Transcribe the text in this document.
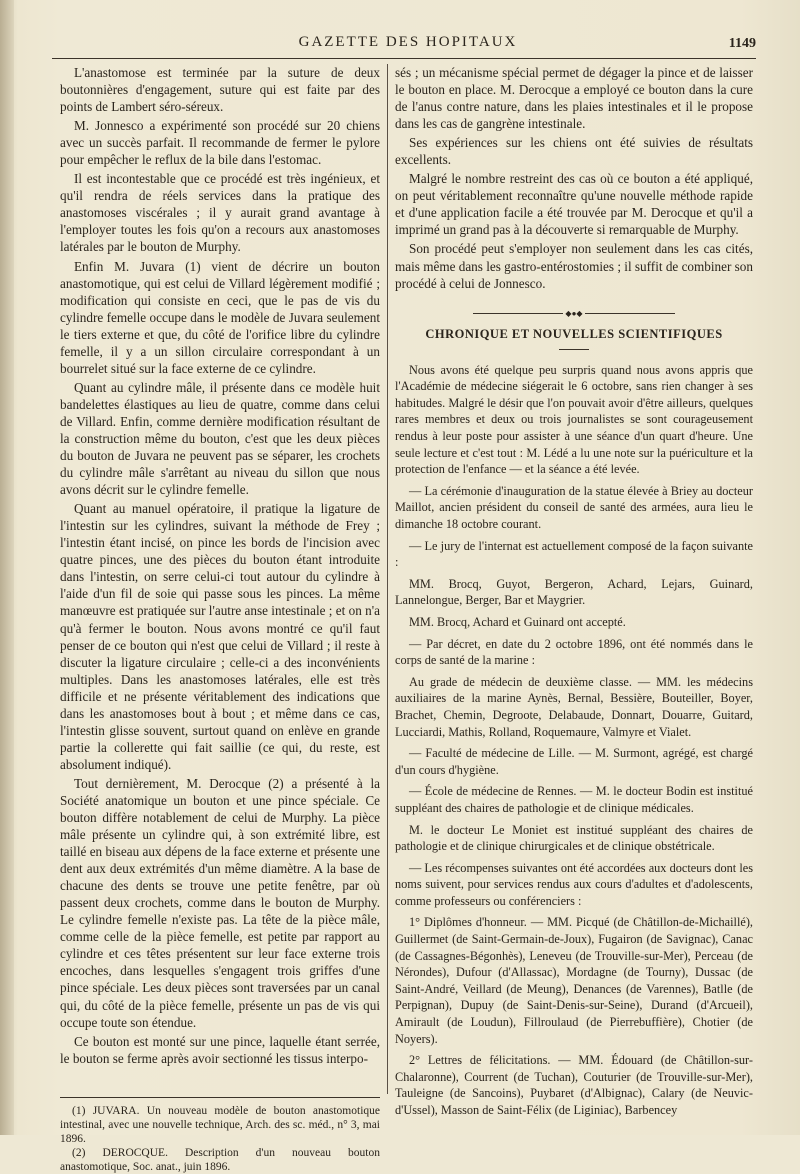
GAZETTE DES HOPITAUX	1149

L'anastomose est terminée par la suture de deux boutonnières d'engagement, suture qui est faite par des points de Lambert séro-séreux.

M. Jonnesco a expérimenté son procédé sur 20 chiens avec un succès parfait. Il recommande de fermer le pylore pour empêcher le reflux de la bile dans l'estomac.

Il est incontestable que ce procédé est très ingénieux, et qu'il rendra de réels services dans la pratique des anastomoses viscérales ; il y aurait grand avantage à l'employer toutes les fois qu'on a recours aux anastomoses latérales par le bouton de Murphy.

Enfin M. Juvara (1) vient de décrire un bouton anastomotique, qui est celui de Villard légèrement modifié ; modification qui consiste en ceci, que le pas de vis du cylindre femelle occupe dans le modèle de Juvara seulement le tiers externe et que, du côté de l'orifice libre du cylindre femelle, il y a un sillon circulaire correspondant à un bourrelet situé sur la face externe de ce cylindre.

Quant au cylindre mâle, il présente dans ce modèle huit bandelettes élastiques au lieu de quatre, comme dans celui de Villard. Enfin, comme dernière modification résultant de la construction même du bouton, c'est que les deux pièces du bouton de Juvara ne peuvent pas se séparer, les crochets du cylindre mâle s'arrêtant au niveau du sillon que nous avons décrit sur le cylindre femelle.

Quant au manuel opératoire, il pratique la ligature de l'intestin sur les cylindres, suivant la méthode de Frey ; l'intestin étant incisé, on pince les bords de l'incision avec quatre pinces, une des pièces du bouton étant introduite dans l'intestin, on serre celui-ci tout autour du cylindre à l'aide d'un fil de soie qui passe sous les pinces. La même manœuvre est pratiquée sur l'autre anse intestinale ; et on n'a qu'à fermer le bouton. Nous avons montré ce qu'il faut penser de ce bouton qui n'est que celui de Villard ; il reste à discuter la ligature circulaire ; celle-ci a des inconvénients multiples. Dans les anastomoses latérales, elle est très difficile et ne présente véritablement des indications que dans les anastomoses bout à bout ; et même dans ce cas, l'intestin glisse souvent, surtout quand on enlève en grande partie la collerette qui fait saillie (ce qui, du reste, est absolument indiqué).

Tout dernièrement, M. Derocque (2) a présenté à la Société anatomique un bouton et une pince spéciale. Ce bouton diffère notablement de celui de Murphy. La pièce mâle présente un cylindre qui, à son extrémité libre, est taillé en biseau aux dépens de la face externe et présente une dent aux deux extrémités d'un même diamètre. A la base de chacune des dents se trouve une petite fenêtre, par où passent deux crochets, comme dans le bouton de Murphy. Le cylindre femelle n'existe pas. La tête de la pièce mâle, comme celle de la pièce femelle, est petite par rapport au cylindre et ces têtes présentent sur leur face externe trois encoches, dans lesquelles s'engagent trois griffes d'une pince spéciale. Les deux pièces sont traversées par un canal qui, du côté de la pièce femelle, présente un pas de vis qui occupe toute son étendue.

Ce bouton est monté sur une pince, laquelle étant serrée, le bouton se ferme après avoir sectionné les tissus interpo-

(1) JUVARA. Un nouveau modèle de bouton anastomotique intestinal, avec une nouvelle technique, Arch. des sc. méd., n° 3, mai 1896.

(2) DEROCQUE. Description d'un nouveau bouton anastomotique, Soc. anat., juin 1896.

sés ; un mécanisme spécial permet de dégager la pince et de laisser le bouton en place. M. Derocque a employé ce bouton dans la cure de l'anus contre nature, dans les plaies intestinales et il le propose dans les cas de gangrène intestinale.

Ses expériences sur les chiens ont été suivies de résultats excellents.

Malgré le nombre restreint des cas où ce bouton a été appliqué, on peut véritablement reconnaître qu'une nouvelle méthode rapide et d'une application facile a été trouvée par M. Derocque et qu'il a imprimé un grand pas à la découverte si remarquable de Murphy.

Son procédé peut s'employer non seulement dans les cas cités, mais même dans les gastro-entérostomies ; il suffit de combiner son procédé à celui de Jonnesco.

◆●◆
CHRONIQUE ET NOUVELLES SCIENTIFIQUES

Nous avons été quelque peu surpris quand nous avons appris que l'Académie de médecine siégerait le 6 octobre, sans rien changer à ses habitudes. Malgré le désir que l'on pouvait avoir d'être ailleurs, quelques rares membres et deux ou trois journalistes se sont courageusement rendus à leur poste pour assister à une séance d'un quart d'heure. Une seule lecture et c'est tout : M. Lédé a lu une note sur la puériculture et la protection de l'enfance — et la séance a été levée.

— La cérémonie d'inauguration de la statue élevée à Briey au docteur Maillot, ancien président du conseil de santé des armées, aura lieu le dimanche 18 octobre courant.

— Le jury de l'internat est actuellement composé de la façon suivante :

MM. Brocq, Guyot, Bergeron, Achard, Lejars, Guinard, Lannelongue, Berger, Bar et Maygrier.

MM. Brocq, Achard et Guinard ont accepté.

— Par décret, en date du 2 octobre 1896, ont été nommés dans le corps de santé de la marine :

Au grade de médecin de deuxième classe. — MM. les médecins auxiliaires de la marine Aynès, Bernal, Bessière, Bouteiller, Boyer, Brachet, Chemin, Degroote, Delabaude, Donnart, Douarre, Guitard, Lucciardi, Mathis, Rolland, Roquemaure, Valmyre et Vialet.

— Faculté de médecine de Lille. — M. Surmont, agrégé, est chargé d'un cours d'hygiène.

— École de médecine de Rennes. — M. le docteur Bodin est institué suppléant des chaires de pathologie et de clinique médicales.

M. le docteur Le Moniet est institué suppléant des chaires de pathologie et de clinique chirurgicales et de clinique obstétricale.

— Les récompenses suivantes ont été accordées aux docteurs dont les noms suivent, pour services rendus aux cours d'adultes et d'adolescents, comme professeurs ou conférenciers :

1° Diplômes d'honneur. — MM. Picqué (de Châtillon-de-Michaillé), Guillermet (de Saint-Germain-de-Joux), Fugairon (de Savignac), Canac (de Cassagnes-Bégonhès), Leneveu (de Trouville-sur-Mer), Perceau (de Nérondes), Dufour (d'Allassac), Mordagne (de Tourny), Dussac (de Saint-André, Veillard (de Meung), Denances (de Varennes), Batlle (de Perpignan), Dupuy (de Saint-Denis-sur-Seine), Durand (d'Arcueil), Amirault (de Loudun), Fillroulaud (de Pierrebuffière), Chotier (de Noyers).

2° Lettres de félicitations. — MM. Édouard (de Châtillon-sur-Chalaronne), Courrent (de Tuchan), Couturier (de Trouville-sur-Mer), Tauleigne (de Sancoins), Puybaret (d'Albignac), Calary (de Neuvic-d'Ussel), Masson de Saint-Félix (de Liginiac), Barbencey
